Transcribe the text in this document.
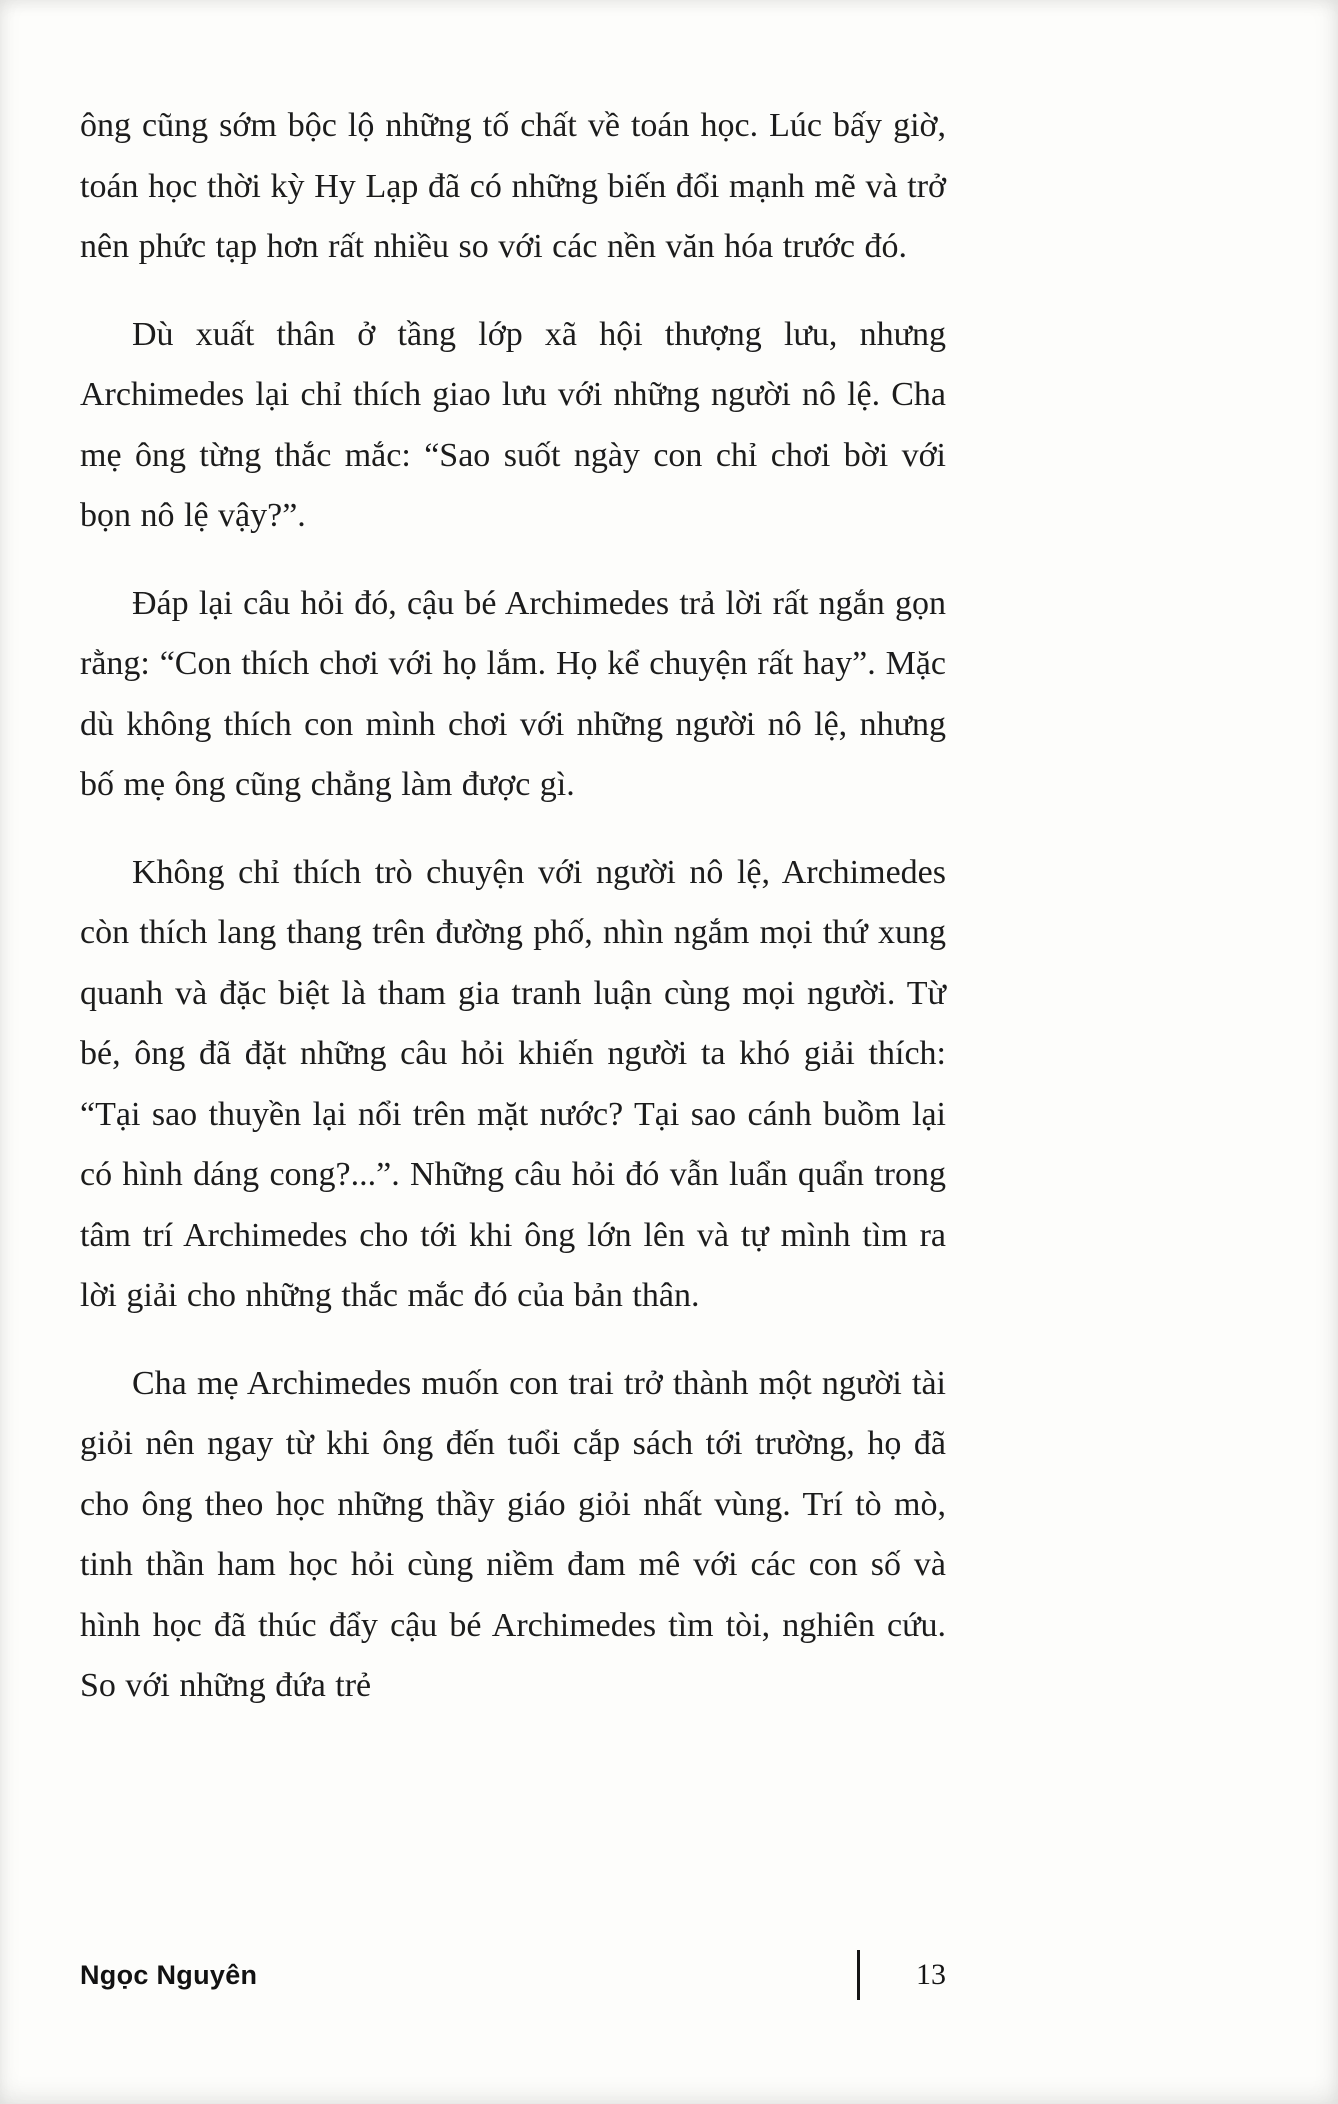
ông cũng sớm bộc lộ những tố chất về toán học. Lúc bấy giờ, toán học thời kỳ Hy Lạp đã có những biến đổi mạnh mẽ và trở nên phức tạp hơn rất nhiều so với các nền văn hóa trước đó.

Dù xuất thân ở tầng lớp xã hội thượng lưu, nhưng Archimedes lại chỉ thích giao lưu với những người nô lệ. Cha mẹ ông từng thắc mắc: “Sao suốt ngày con chỉ chơi bời với bọn nô lệ vậy?”.

Đáp lại câu hỏi đó, cậu bé Archimedes trả lời rất ngắn gọn rằng: “Con thích chơi với họ lắm. Họ kể chuyện rất hay”. Mặc dù không thích con mình chơi với những người nô lệ, nhưng bố mẹ ông cũng chẳng làm được gì.

Không chỉ thích trò chuyện với người nô lệ, Archimedes còn thích lang thang trên đường phố, nhìn ngắm mọi thứ xung quanh và đặc biệt là tham gia tranh luận cùng mọi người. Từ bé, ông đã đặt những câu hỏi khiến người ta khó giải thích: “Tại sao thuyền lại nổi trên mặt nước? Tại sao cánh buồm lại có hình dáng cong?...”. Những câu hỏi đó vẫn luẩn quẩn trong tâm trí Archimedes cho tới khi ông lớn lên và tự mình tìm ra lời giải cho những thắc mắc đó của bản thân.

Cha mẹ Archimedes muốn con trai trở thành một người tài giỏi nên ngay từ khi ông đến tuổi cắp sách tới trường, họ đã cho ông theo học những thầy giáo giỏi nhất vùng. Trí tò mò, tinh thần ham học hỏi cùng niềm đam mê với các con số và hình học đã thúc đẩy cậu bé Archimedes tìm tòi, nghiên cứu. So với những đứa trẻ

Ngọc Nguyên	13
